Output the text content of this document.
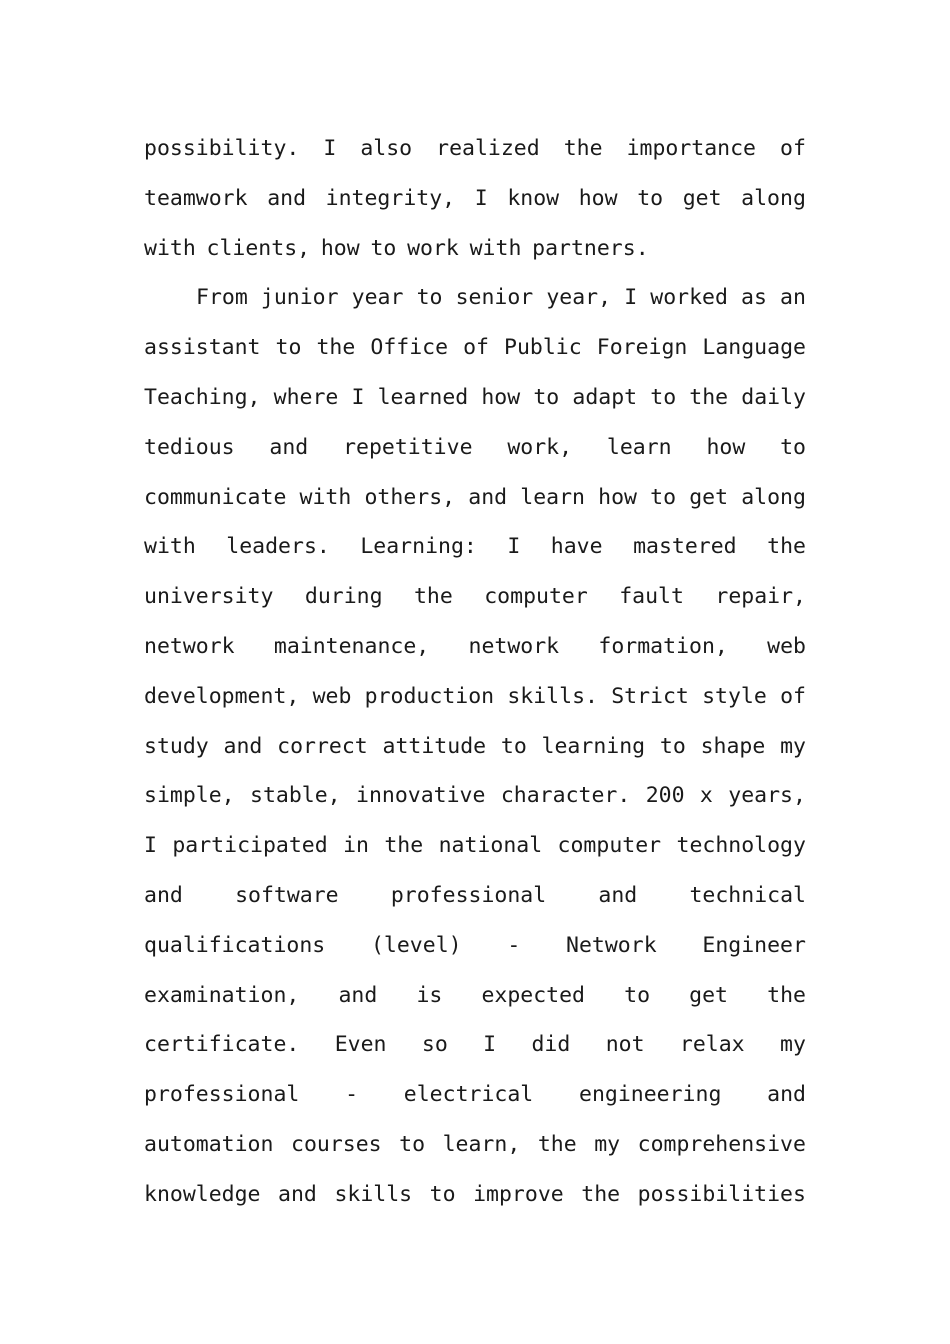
possibility. I also realized the importance of
teamwork and integrity, I know how to get along
with clients, how to work with partners.
From junior year to senior year, I worked as an
assistant to the Office of Public Foreign Language
Teaching, where I learned how to adapt to the daily
tedious and repetitive work, learn how to
communicate with others, and learn how to get along
with leaders. Learning: I have mastered the
university during the computer fault repair,
network maintenance, network formation, web
development, web production skills. Strict style of
study and correct attitude to learning to shape my
simple, stable, innovative character. 200 x years,
I participated in the national computer technology
and software professional and technical
qualifications (level) - Network Engineer
examination, and is expected to get the
certificate. Even so I did not relax my
professional - electrical engineering and
automation courses to learn, the my comprehensive
knowledge and skills to improve the possibilities
